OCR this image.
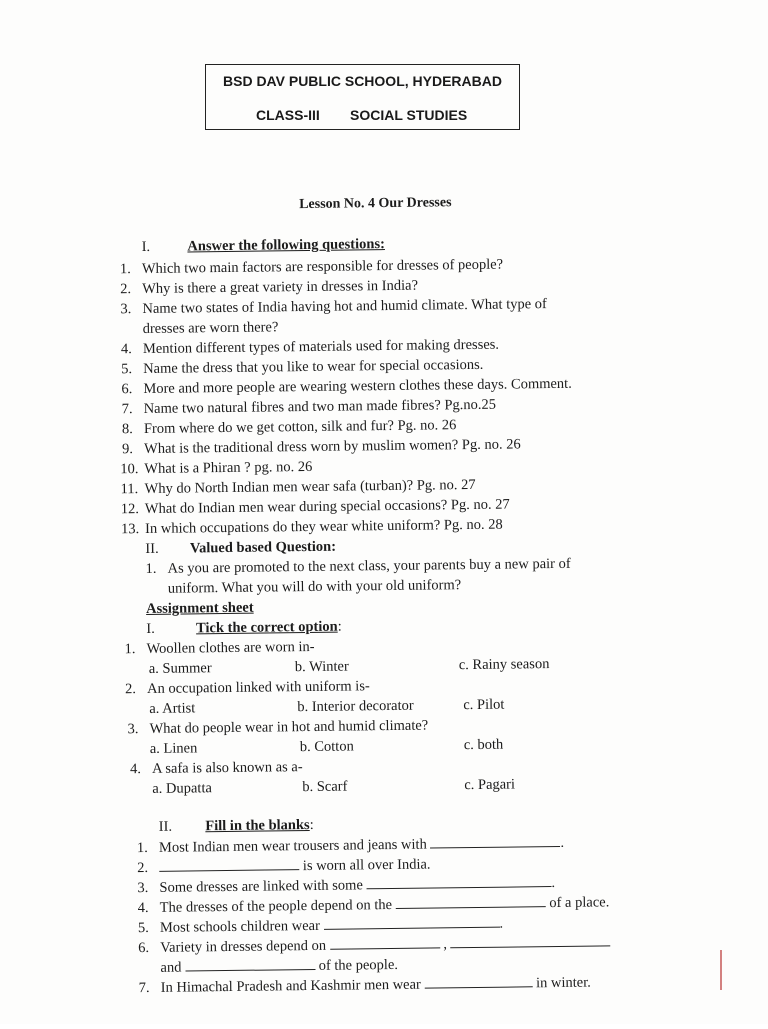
BSD DAV PUBLIC SCHOOL, HYDERABAD
CLASS-III SOCIAL STUDIES
Lesson No. 4 Our Dresses
I.	Answer the following questions:
1. Which two main factors are responsible for dresses of people?
2. Why is there a great variety in dresses in India?
3. Name two states of India having hot and humid climate. What type of
dresses are worn there?
4. Mention different types of materials used for making dresses.
5. Name the dress that you like to wear for special occasions.
6. More and more people are wearing western clothes these days. Comment.
7. Name two natural fibres and two man made fibres? Pg.no.25
8. From where do we get cotton, silk and fur? Pg. no. 26
9. What is the traditional dress worn by muslim women? Pg. no. 26
10. What is a Phiran ? pg. no. 26
11. Why do North Indian men wear safa (turban)? Pg. no. 27
12. What do Indian men wear during special occasions? Pg. no. 27
13. In which occupations do they wear white uniform? Pg. no. 28
II. Valued based Question:
1. As you are promoted to the next class, your parents buy a new pair of
uniform. What you will do with your old uniform?
Assignment sheet
I.	Tick the correct option:
1. Woollen clothes are worn in-
a. Summer	b. Winter	c. Rainy season
2. An occupation linked with uniform is-
a. Artist	b. Interior decorator	c. Pilot
3. What do people wear in hot and humid climate?
a. Linen	b. Cotton	c. both
4. A safa is also known as a-
a. Dupatta	b. Scarf	c. Pagari
II. Fill in the blanks:
1. Most Indian men wear trousers and jeans with	.
2.	is worn all over India.
3. Some dresses are linked with some	.
4. The dresses of the people depend on the	of a place.
5. Most schools children wear	.
6. Variety in dresses depend on	,
and	of the people.
7. In Himachal Pradesh and Kashmir men wear	in winter.
